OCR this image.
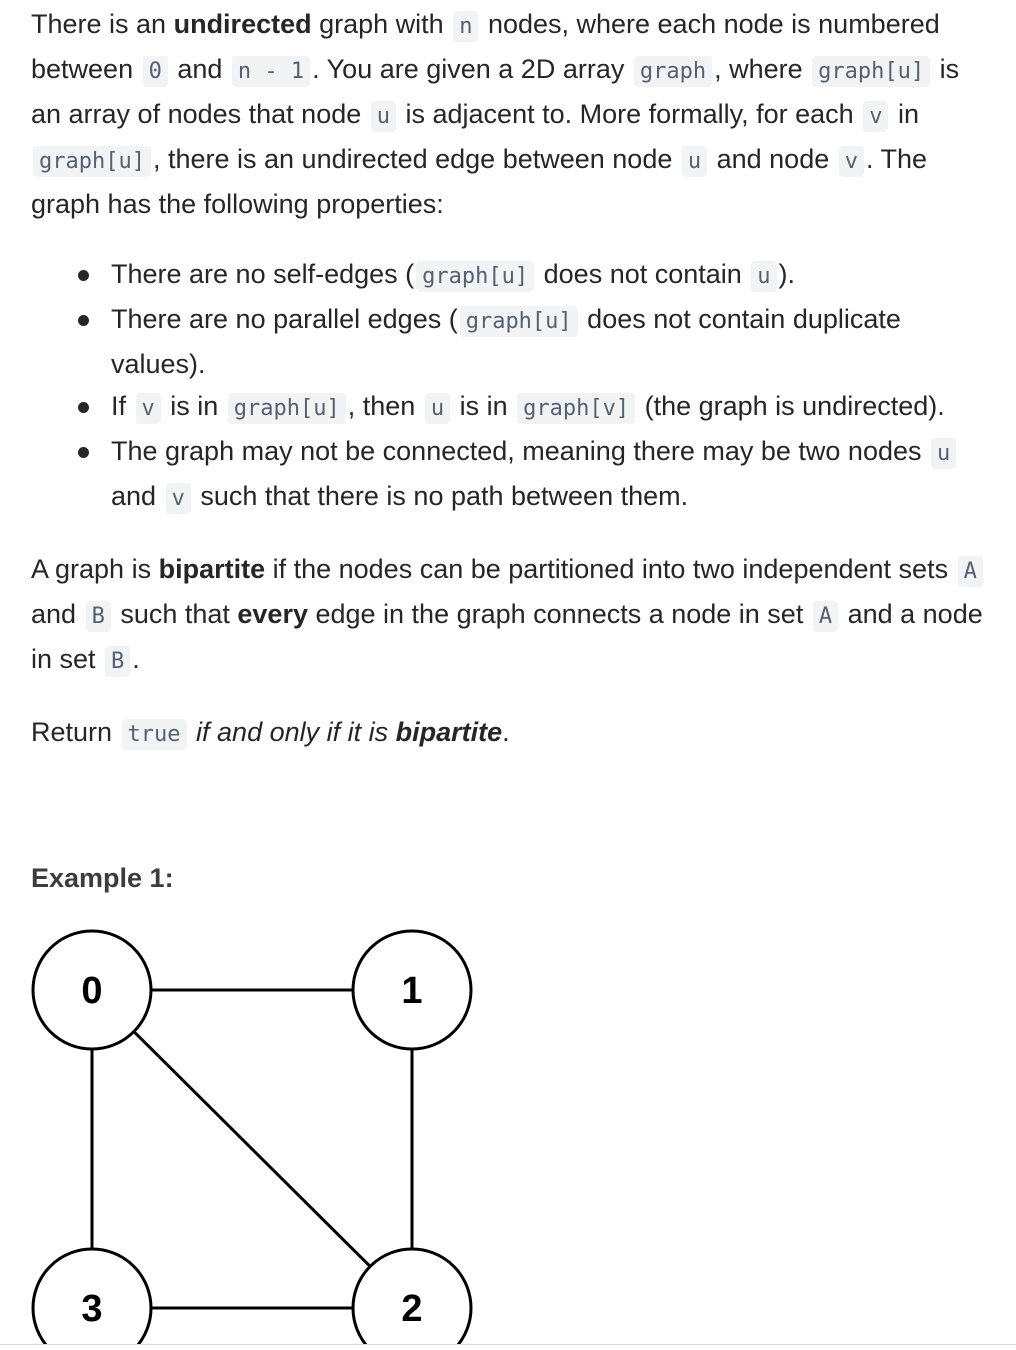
There is an undirected graph with n nodes, where each node is numbered between 0 and n - 1 . You are given a 2D array graph , where graph[u] is an array of nodes that node u is adjacent to. More formally, for each v in graph[u] , there is an undirected edge between node u and node v . The graph has the following properties:

There are no self-edges ( graph[u] does not contain u ).
There are no parallel edges ( graph[u] does not contain duplicate values).
If v is in graph[u] , then u is in graph[v] (the graph is undirected).
The graph may not be connected, meaning there may be two nodes u and v such that there is no path between them.

A graph is bipartite if the nodes can be partitioned into two independent sets A and B such that every edge in the graph connects a node in set A and a node in set B .

Return true if and only if it is bipartite.

Example 1:
0	1
3	2
